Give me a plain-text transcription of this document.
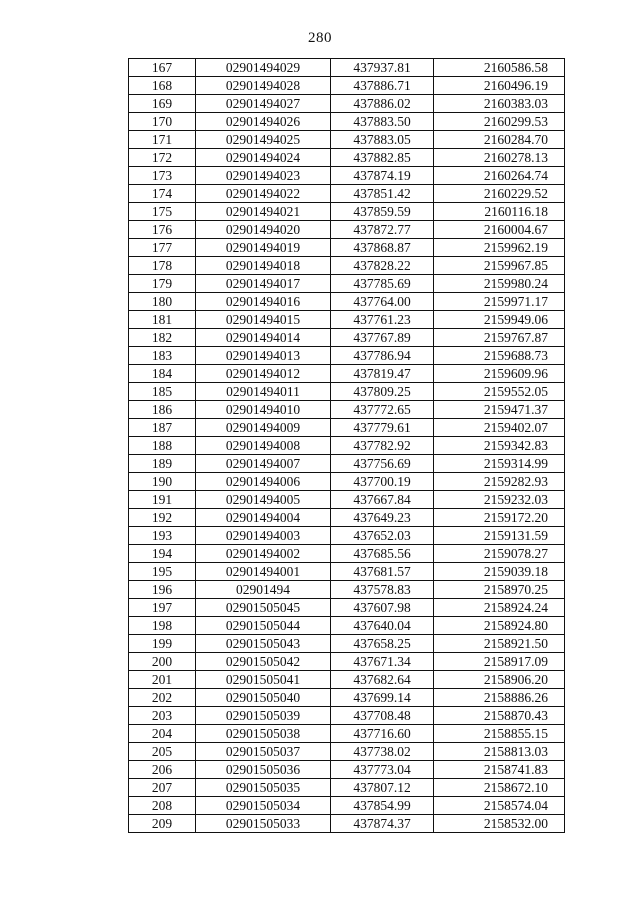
280
167	02901494029	437937.81	2160586.58
168	02901494028	437886.71	2160496.19
169	02901494027	437886.02	2160383.03
170	02901494026	437883.50	2160299.53
171	02901494025	437883.05	2160284.70
172	02901494024	437882.85	2160278.13
173	02901494023	437874.19	2160264.74
174	02901494022	437851.42	2160229.52
175	02901494021	437859.59	2160116.18
176	02901494020	437872.77	2160004.67
177	02901494019	437868.87	2159962.19
178	02901494018	437828.22	2159967.85
179	02901494017	437785.69	2159980.24
180	02901494016	437764.00	2159971.17
181	02901494015	437761.23	2159949.06
182	02901494014	437767.89	2159767.87
183	02901494013	437786.94	2159688.73
184	02901494012	437819.47	2159609.96
185	02901494011	437809.25	2159552.05
186	02901494010	437772.65	2159471.37
187	02901494009	437779.61	2159402.07
188	02901494008	437782.92	2159342.83
189	02901494007	437756.69	2159314.99
190	02901494006	437700.19	2159282.93
191	02901494005	437667.84	2159232.03
192	02901494004	437649.23	2159172.20
193	02901494003	437652.03	2159131.59
194	02901494002	437685.56	2159078.27
195	02901494001	437681.57	2159039.18
196	02901494	437578.83	2158970.25
197	02901505045	437607.98	2158924.24
198	02901505044	437640.04	2158924.80
199	02901505043	437658.25	2158921.50
200	02901505042	437671.34	2158917.09
201	02901505041	437682.64	2158906.20
202	02901505040	437699.14	2158886.26
203	02901505039	437708.48	2158870.43
204	02901505038	437716.60	2158855.15
205	02901505037	437738.02	2158813.03
206	02901505036	437773.04	2158741.83
207	02901505035	437807.12	2158672.10
208	02901505034	437854.99	2158574.04
209	02901505033	437874.37	2158532.00
